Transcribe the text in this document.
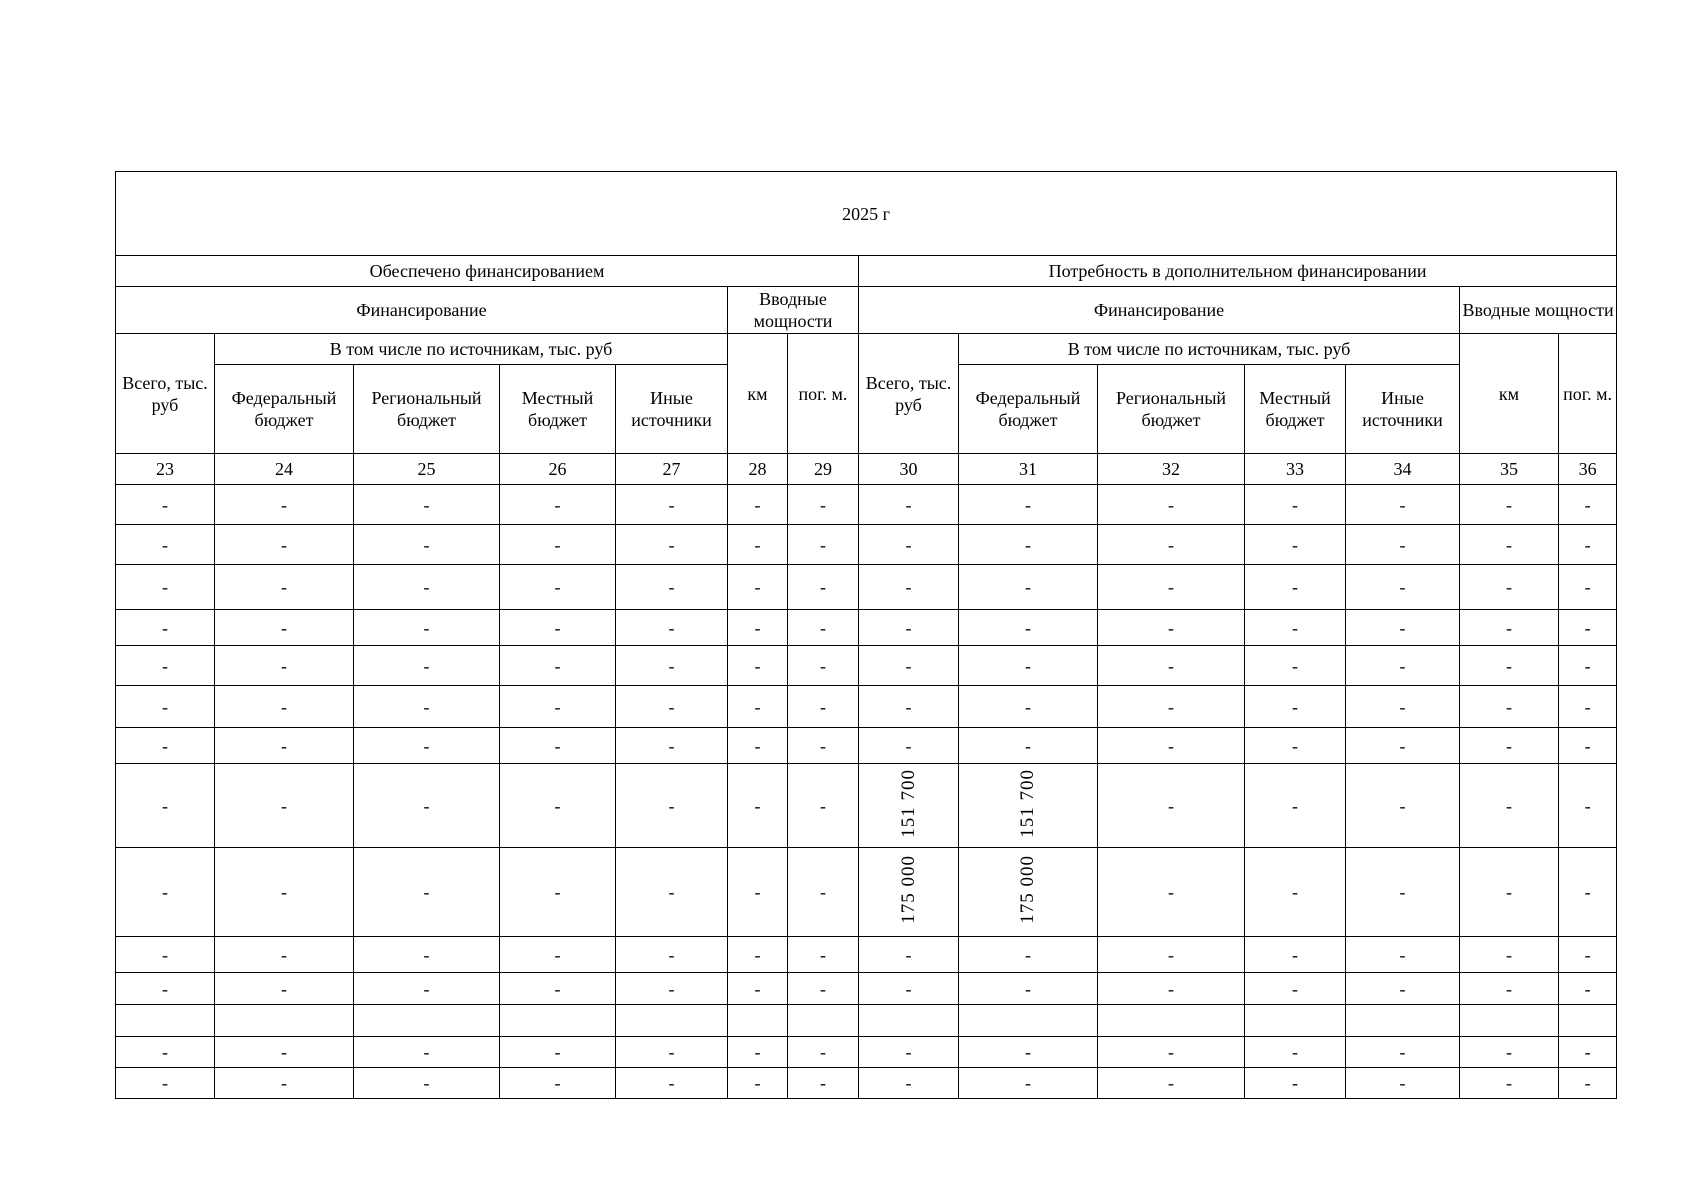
2025 г													
Обеспечено финансированием							Потребность в дополнительном финансировании						
Финансирование					Вводные мощности		Финансирование					Вводные мощности	
Всего, тыс. руб	В том числе по источникам, тыс. руб				км	пог. м.	Всего, тыс. руб	В том числе по источникам, тыс. руб				км	пог. м.
	Федеральный бюджет	Региональный бюджет	Местный бюджет	Иные источники				Федеральный бюджет	Региональный бюджет	Местный бюджет	Иные источники		
23	24	25	26	27	28	29	30	31	32	33	34	35	36
-	-	-	-	-	-	-	-	-	-	-	-	-	-
-	-	-	-	-	-	-	-	-	-	-	-	-	-
-	-	-	-	-	-	-	-	-	-	-	-	-	-
-	-	-	-	-	-	-	-	-	-	-	-	-	-
-	-	-	-	-	-	-	-	-	-	-	-	-	-
-	-	-	-	-	-	-	-	-	-	-	-	-	-
-	-	-	-	-	-	-	-	-	-	-	-	-	-
-	-	-	-	-	-	-	151 700	151 700	-	-	-	-	-
-	-	-	-	-	-	-	175 000	175 000	-	-	-	-	-
-	-	-	-	-	-	-	-	-	-	-	-	-	-
-	-	-	-	-	-	-	-	-	-	-	-	-	-

-	-	-	-	-	-	-	-	-	-	-	-	-	-
-	-	-	-	-	-	-	-	-	-	-	-	-	-
